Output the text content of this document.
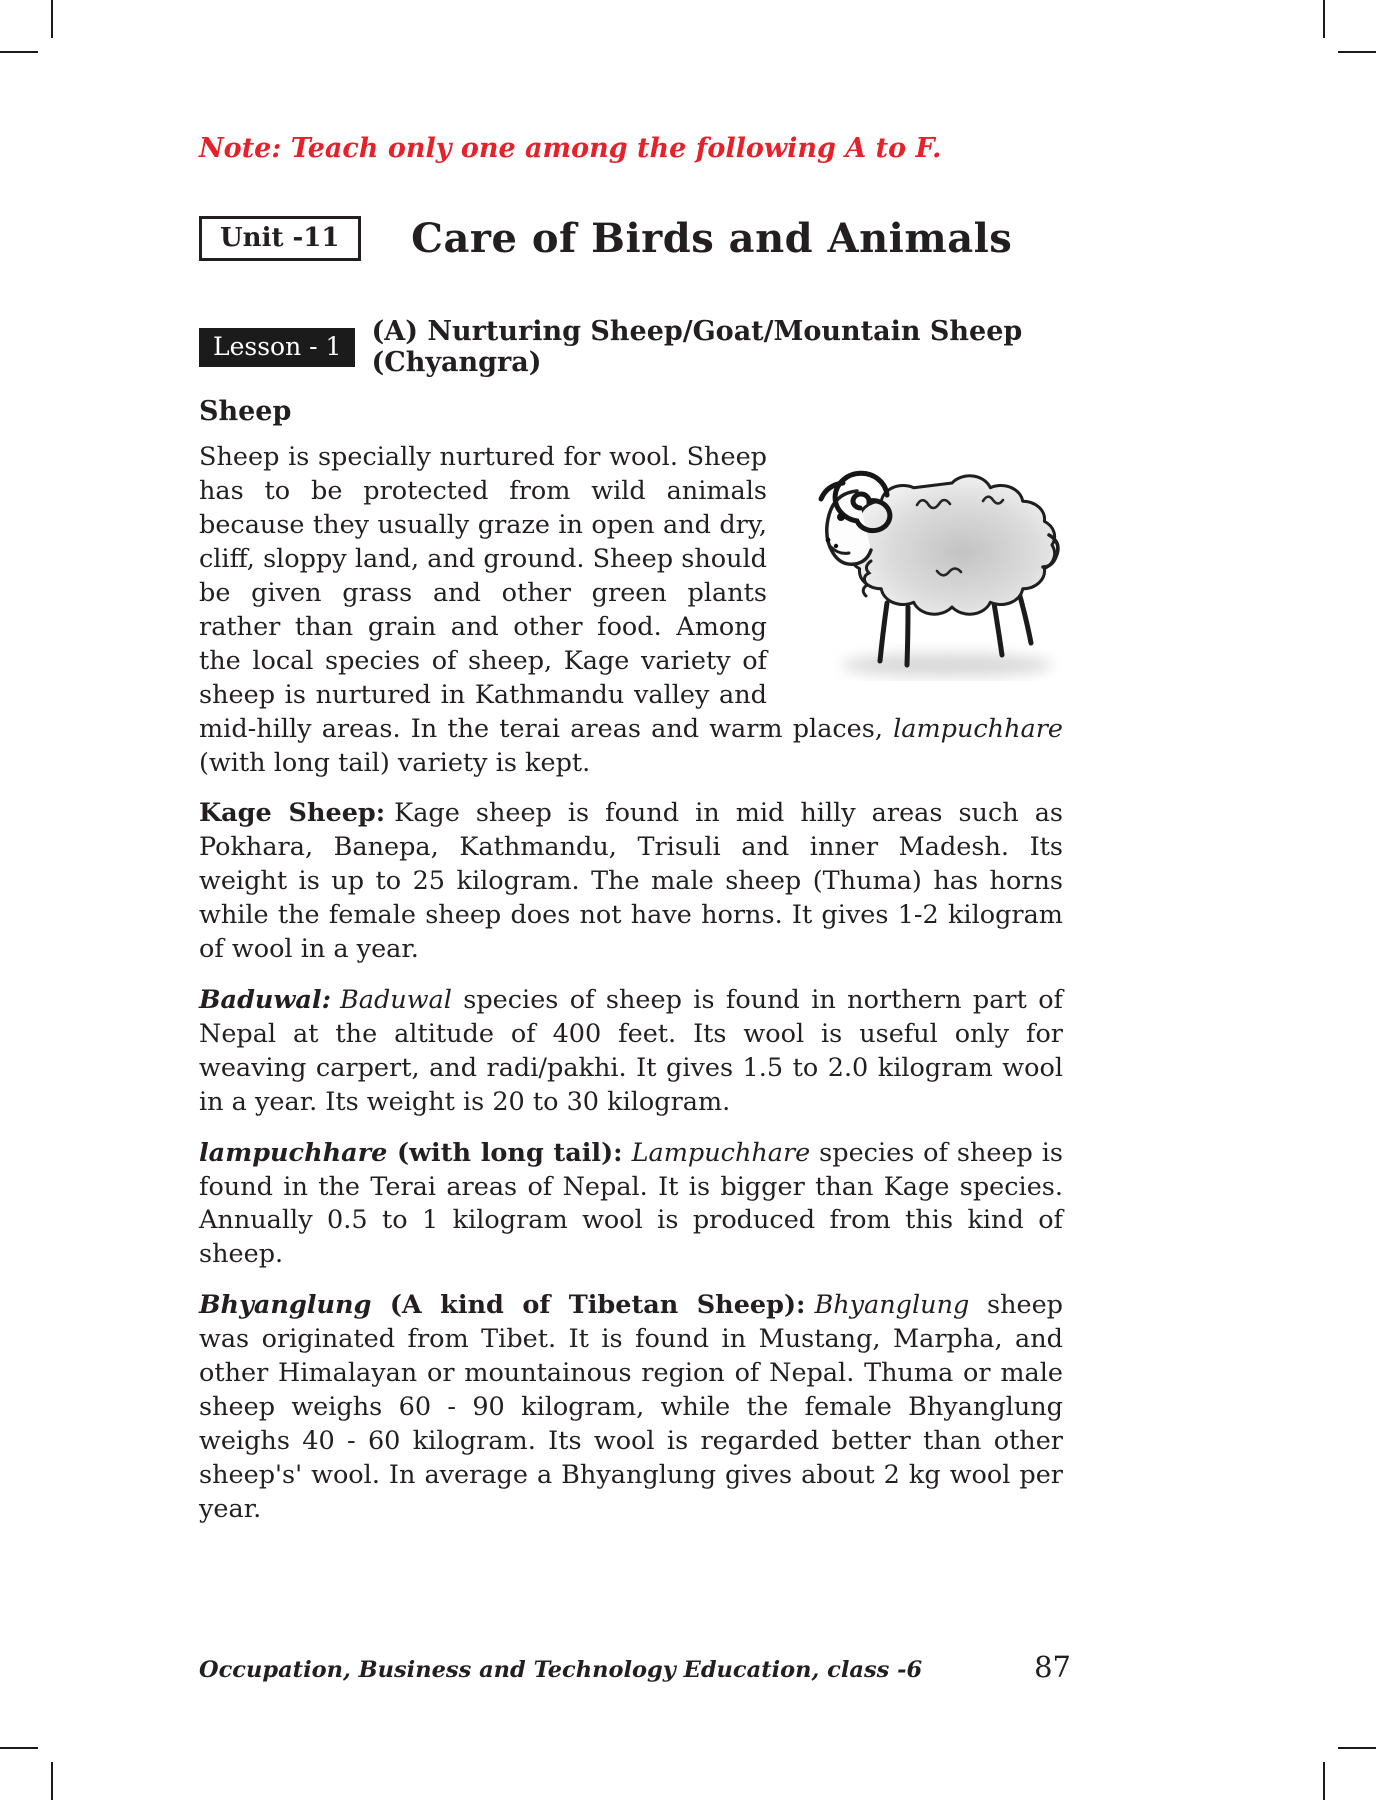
Note: Teach only one among the following A to F.
Unit -11	Care of Birds and Animals
Lesson - 1	(A) Nurturing Sheep/Goat/Mountain Sheep (Chyangra)
Sheep

Sheep is specially nurtured for wool. Sheep has to be protected from wild animals because they usually graze in open and dry, cliff, sloppy land, and ground. Sheep should be given grass and other green plants rather than grain and other food. Among the local species of sheep, Kage variety of sheep is nurtured in Kathmandu valley and mid-hilly areas. In the terai areas and warm places, lampuchhare (with long tail) variety is kept.

Kage Sheep: Kage sheep is found in mid hilly areas such as Pokhara, Banepa, Kathmandu, Trisuli and inner Madesh. Its weight is up to 25 kilogram. The male sheep (Thuma) has horns while the female sheep does not have horns. It gives 1-2 kilogram of wool in a year.

Baduwal: Baduwal species of sheep is found in northern part of Nepal at the altitude of 400 feet. Its wool is useful only for weaving carpert, and radi/pakhi. It gives 1.5 to 2.0 kilogram wool in a year. Its weight is 20 to 30 kilogram.

lampuchhare (with long tail): Lampuchhare species of sheep is found in the Terai areas of Nepal. It is bigger than Kage species. Annually 0.5 to 1 kilogram wool is produced from this kind of sheep.

Bhyanglung (A kind of Tibetan Sheep): Bhyanglung sheep was originated from Tibet. It is found in Mustang, Marpha, and other Himalayan or mountainous region of Nepal. Thuma or male sheep weighs 60 - 90 kilogram, while the female Bhyanglung weighs 40 - 60 kilogram. Its wool is regarded better than other sheep's' wool. In average a Bhyanglung gives about 2 kg wool per year.

Occupation, Business and Technology Education, class -6	87
